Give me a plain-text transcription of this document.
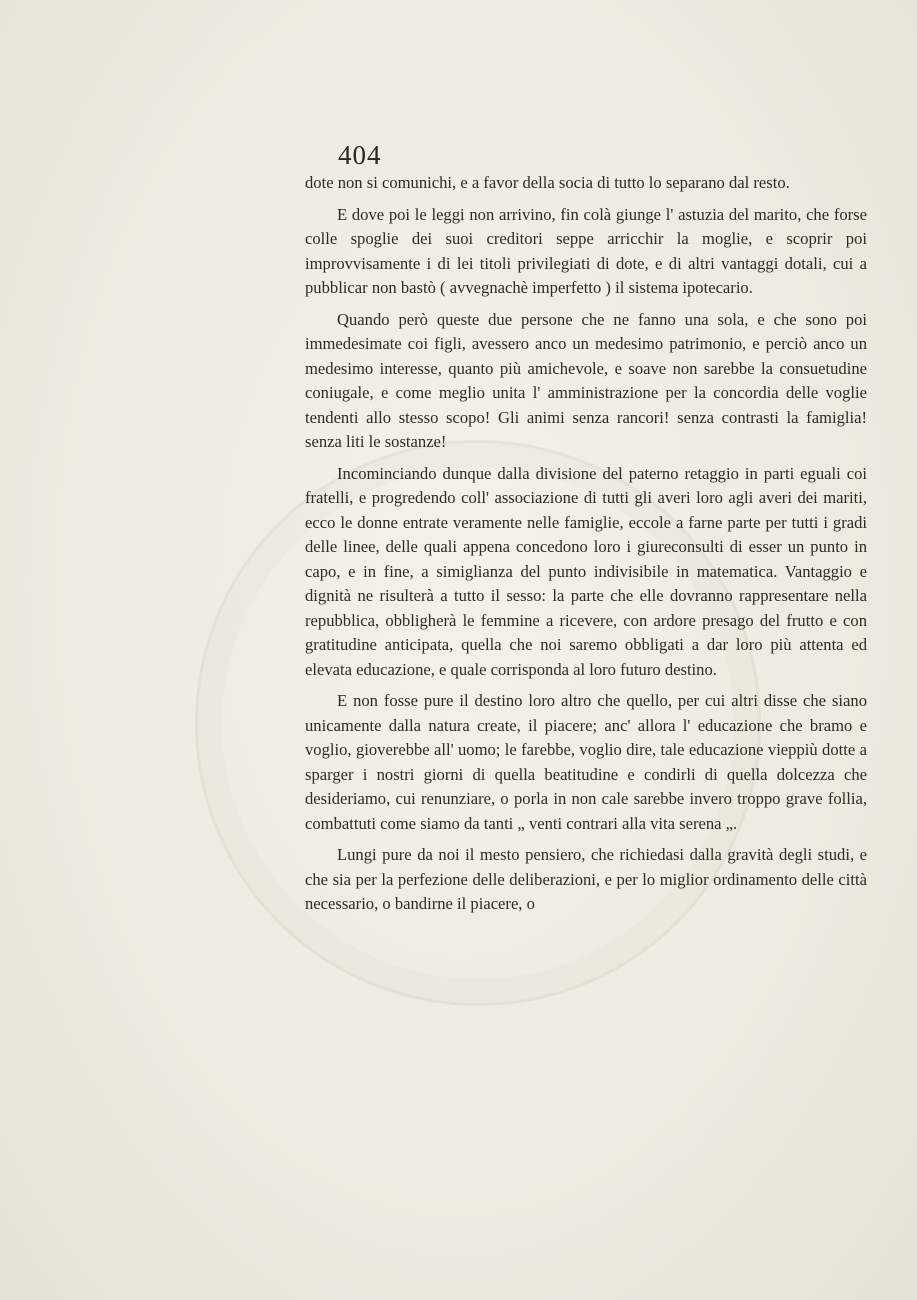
404

dote non si comunichi, e a favor della socia di tutto lo separano dal resto.

E dove poi le leggi non arrivino, fin colà giunge l' astuzia del marito, che forse colle spoglie dei suoi creditori seppe arricchir la moglie, e scoprir poi improvvisamente i di lei titoli privilegiati di dote, e di altri vantaggi dotali, cui a pubblicar non bastò ( avvegnachè imperfetto ) il sistema ipotecario.

Quando però queste due persone che ne fanno una sola, e che sono poi immedesimate coi figli, avessero anco un medesimo patrimonio, e perciò anco un medesimo interesse, quanto più amichevole, e soave non sarebbe la consuetudine coniugale, e come meglio unita l' amministrazione per la concordia delle voglie tendenti allo stesso scopo! Gli animi senza rancori! senza contrasti la famiglia! senza liti le sostanze!

Incominciando dunque dalla divisione del paterno retaggio in parti eguali coi fratelli, e progredendo coll' associazione di tutti gli averi loro agli averi dei mariti, ecco le donne entrate veramente nelle famiglie, eccole a farne parte per tutti i gradi delle linee, delle quali appena concedono loro i giureconsulti di esser un punto in capo, e in fine, a simiglianza del punto indivisibile in matematica. Vantaggio e dignità ne risulterà a tutto il sesso: la parte che elle dovranno rappresentare nella repubblica, obbligherà le femmine a ricevere, con ardore presago del frutto e con gratitudine anticipata, quella che noi saremo obbligati a dar loro più attenta ed elevata educazione, e quale corrisponda al loro futuro destino.

E non fosse pure il destino loro altro che quello, per cui altri disse che siano unicamente dalla natura create, il piacere; anc' allora l' educazione che bramo e voglio, gioverebbe all' uomo; le farebbe, voglio dire, tale educazione vieppiù dotte a sparger i nostri giorni di quella beatitudine e condirli di quella dolcezza che desideriamo, cui renunziare, o porla in non cale sarebbe invero troppo grave follia, combattuti come siamo da tanti „ venti contrari alla vita serena „.

Lungi pure da noi il mesto pensiero, che richiedasi dalla gravità degli studi, e che sia per la perfezione delle deliberazioni, e per lo miglior ordinamento delle città necessario, o bandirne il piacere, o
